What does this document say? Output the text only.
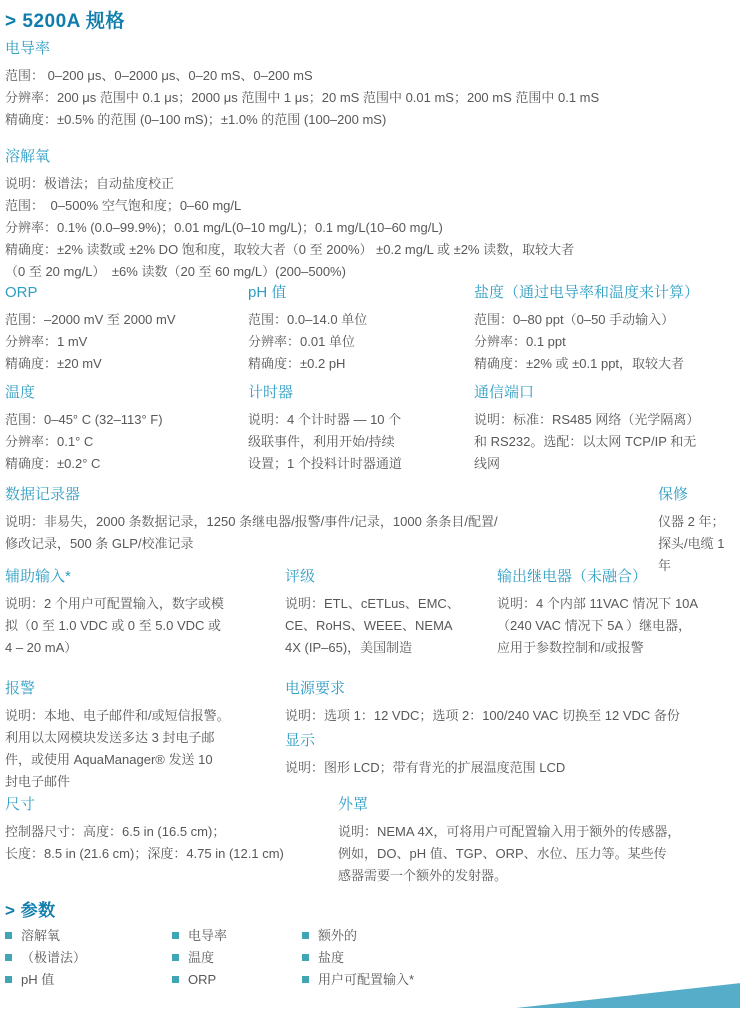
> 5200A 规格
电导率
范围： 0–200 μs、0–2000 μs、0–20 mS、0–200 mS
分辨率：200 μs 范围中 0.1 μs；2000 μs 范围中 1 μs；20 mS 范围中 0.01 mS；200 mS 范围中 0.1 mS
精确度：±0.5% 的范围 (0–100 mS)；±1.0% 的范围 (100–200 mS)
溶解氧
说明：极谱法；自动盐度校正
范围：　0–500% 空气饱和度；0–60 mg/L
分辨率：0.1% (0.0–99.9%)；0.01 mg/L(0–10 mg/L)；0.1 mg/L(10–60 mg/L)
精确度：±2% 读数或 ±2% DO 饱和度，取较大者（0 至 200%） ±0.2 mg/L 或 ±2% 读数，取较大者
（0 至 20 mg/L）　±6% 读数（20 至 60 mg/L）(200–500%)
ORP
范围：–2000 mV 至 2000 mV
分辨率：1 mV
精确度：±20 mV
pH 值
范围：0.0–14.0 单位
分辨率：0.01 单位
精确度：±0.2 pH
盐度（通过电导率和温度来计算）
范围：0–80 ppt（0–50 手动输入）
分辨率：0.1 ppt
精确度：±2% 或 ±0.1 ppt，取较大者
温度
范围：0–45° C (32–113° F)
分辨率：0.1° C
精确度：±0.2° C
计时器
说明：4 个计时器 — 10 个
级联事件，利用开始/持续
设置；1 个投料计时器通道
通信端口
说明：标准：RS485 网络（光学隔离）
和 RS232。选配：以太网 TCP/IP 和无
线网
数据记录器
说明：非易失，2000 条数据记录，1250 条继电器/报警/事件/记录，1000 条条目/配置/
修改记录，500 条 GLP/校准记录
保修
仪器 2 年；
探头/电缆 1 年
辅助输入*
说明：2 个用户可配置输入，数字或模
拟（0 至 1.0 VDC 或 0 至 5.0 VDC 或
4 – 20 mA）
评级
说明：ETL、cETLus、EMC、
CE、RoHS、WEEE、NEMA
4X (IP–65)，美国制造
输出继电器（未融合）
说明：4 个内部 11VAC 情况下 10A
（240 VAC 情况下 5A ）继电器，
应用于参数控制和/或报警
报警
说明：本地、电子邮件和/或短信报警。
利用以太网模块发送多达 3 封电子邮
件，或使用 AquaManager® 发送 10
封电子邮件
电源要求
说明：选项 1：12 VDC；选项 2：100/240 VAC 切换至 12 VDC 备份
显示
说明：图形 LCD；带有背光的扩展温度范围 LCD
尺寸
控制器尺寸：高度：6.5 in (16.5 cm)；
长度：8.5 in (21.6 cm)；深度：4.75 in (12.1 cm)
外罩
说明：NEMA 4X，可将用户可配置输入用于额外的传感器，
例如，DO、pH 值、TGP、ORP、水位、压力等。某些传
感器需要一个额外的发射器。
> 参数
溶解氧
（极谱法）
pH 值
电导率
温度
ORP
额外的
盐度
用户可配置输入*
